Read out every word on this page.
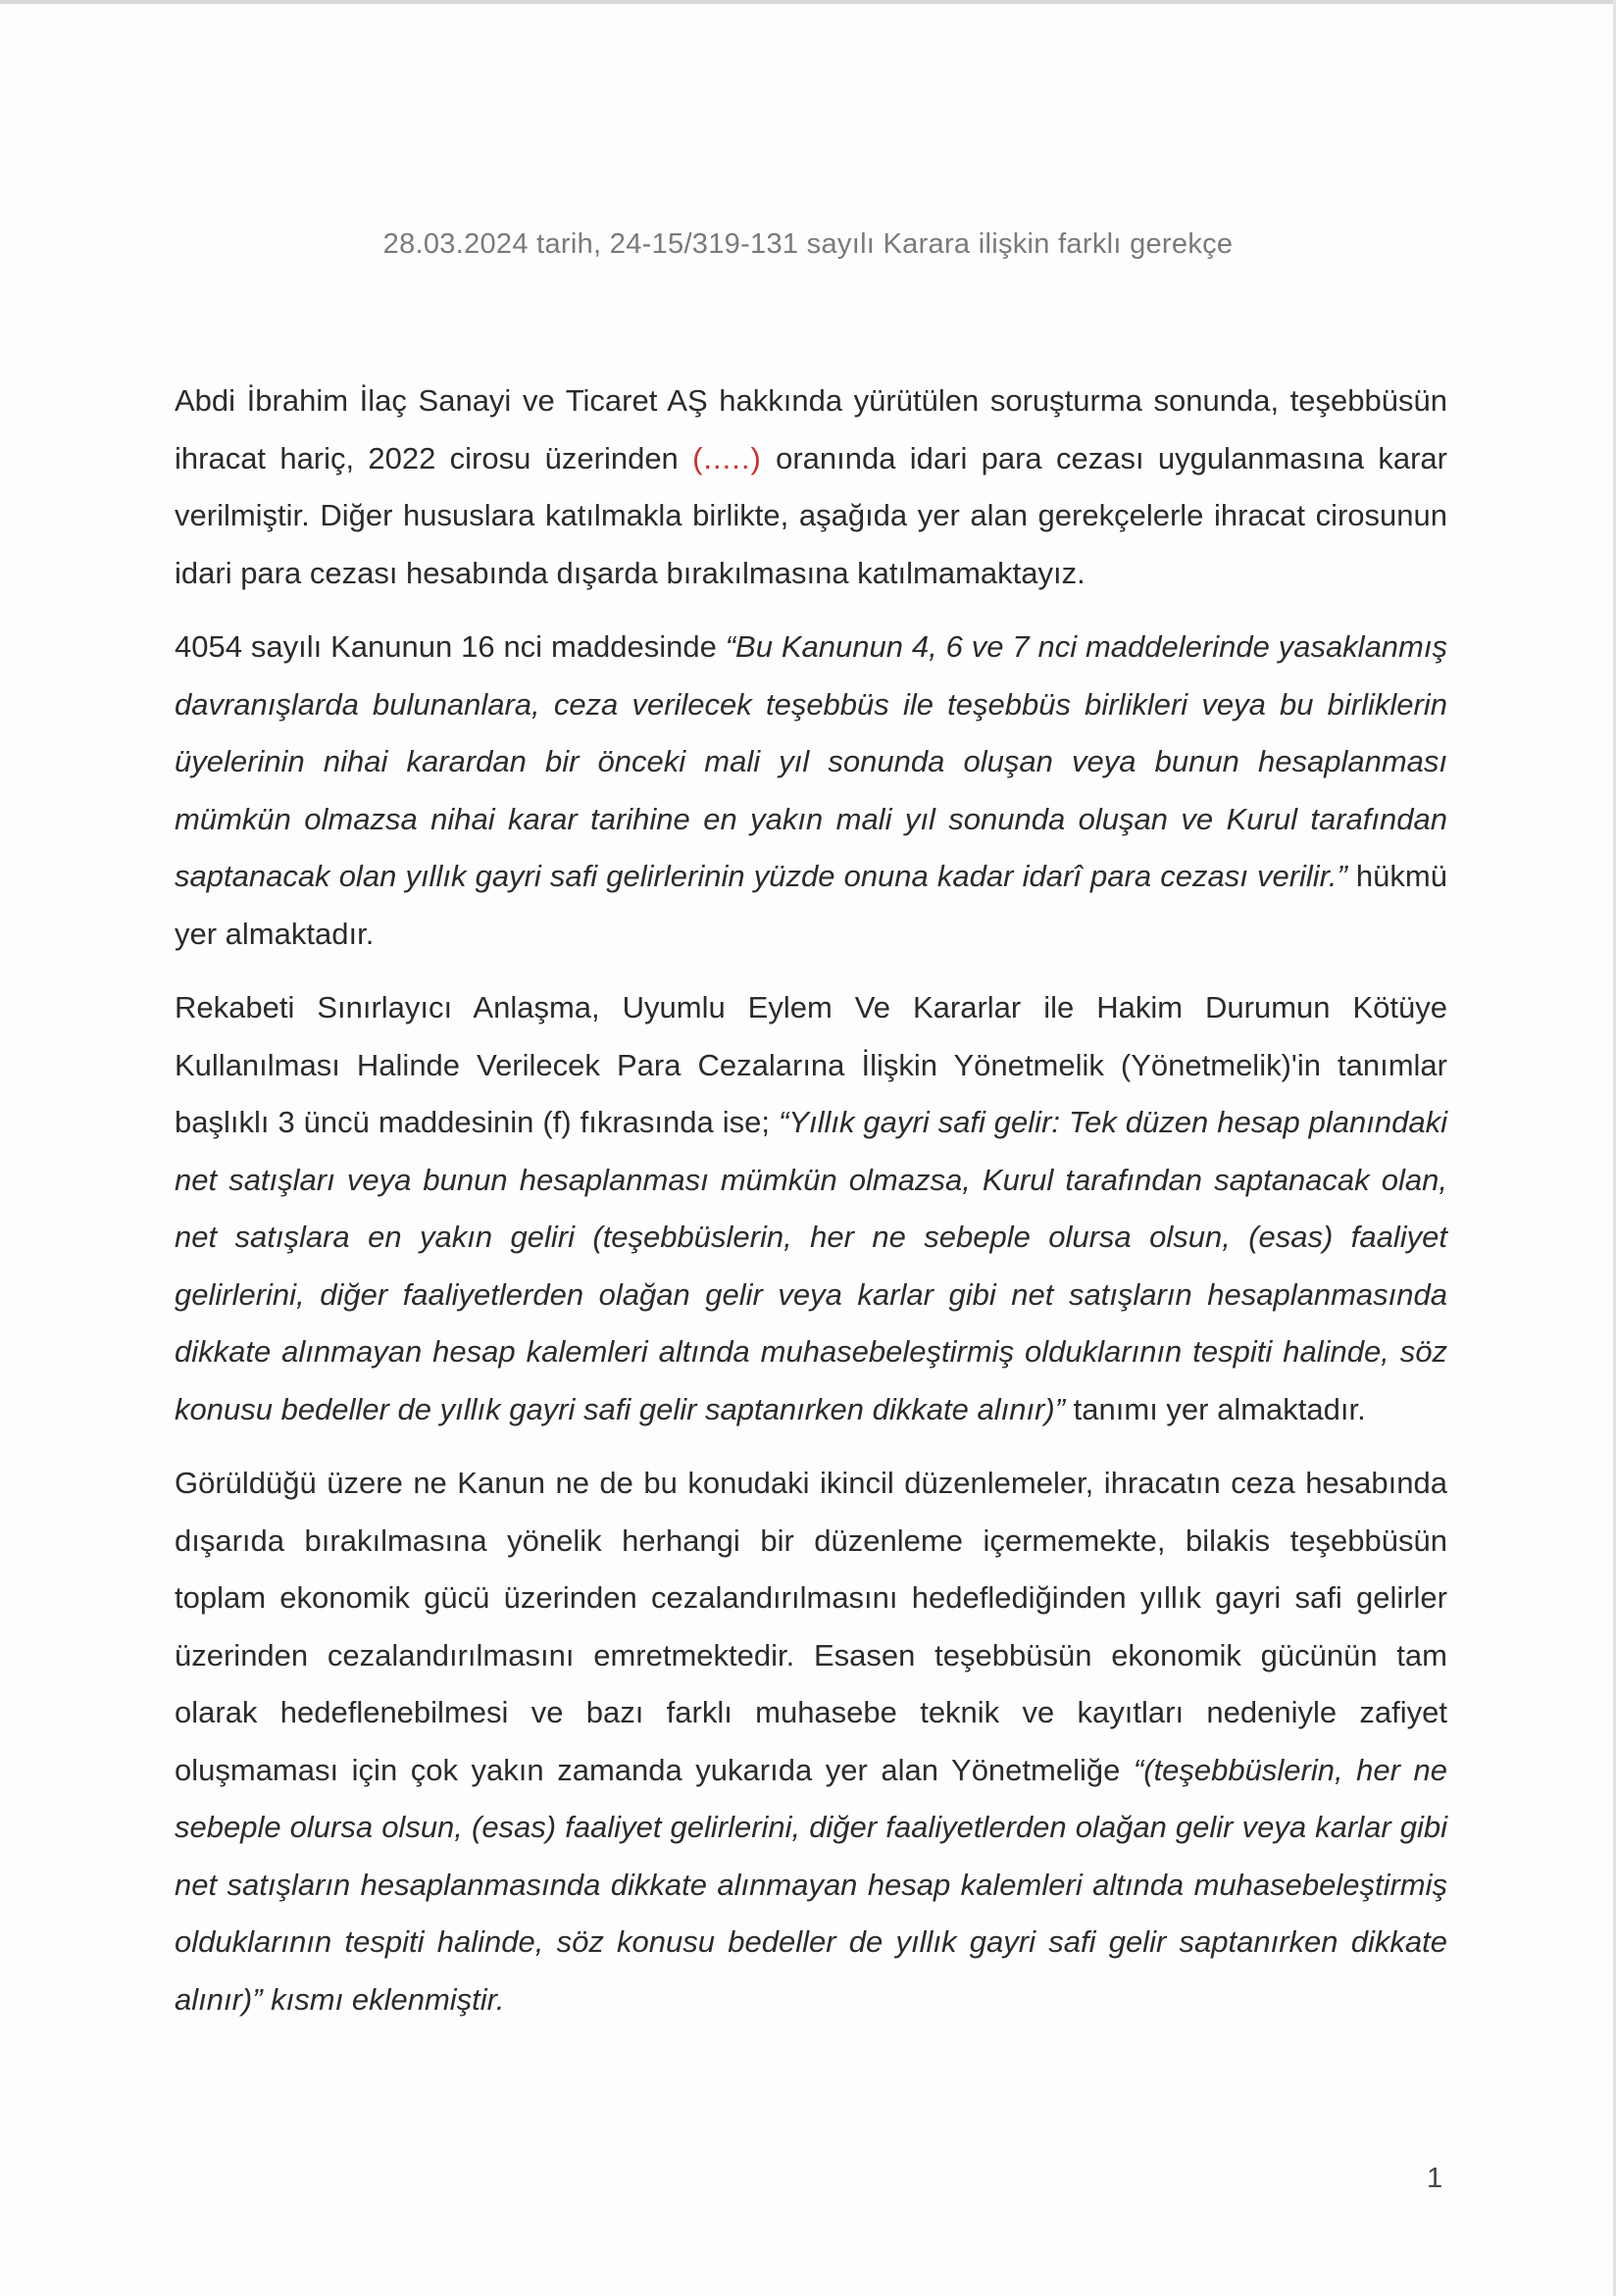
28.03.2024 tarih, 24-15/319-131 sayılı Karara ilişkin farklı gerekçe

Abdi İbrahim İlaç Sanayi ve Ticaret AŞ hakkında yürütülen soruşturma sonunda, teşebbüsün ihracat hariç, 2022 cirosu üzerinden (.....) oranında idari para cezası uygulanmasına karar verilmiştir. Diğer hususlara katılmakla birlikte, aşağıda yer alan gerekçelerle ihracat cirosunun idari para cezası hesabında dışarda bırakılmasına katılmamaktayız.

4054 sayılı Kanunun 16 nci maddesinde “Bu Kanunun 4, 6 ve 7 nci maddelerinde yasaklanmış davranışlarda bulunanlara, ceza verilecek teşebbüs ile teşebbüs birlikleri veya bu birliklerin üyelerinin nihai karardan bir önceki mali yıl sonunda oluşan veya bunun hesaplanması mümkün olmazsa nihai karar tarihine en yakın mali yıl sonunda oluşan ve Kurul tarafından saptanacak olan yıllık gayri safi gelirlerinin yüzde onuna kadar idarî para cezası verilir.” hükmü yer almaktadır.

Rekabeti Sınırlayıcı Anlaşma, Uyumlu Eylem Ve Kararlar ile Hakim Durumun Kötüye Kullanılması Halinde Verilecek Para Cezalarına İlişkin Yönetmelik (Yönetmelik)'in tanımlar başlıklı 3 üncü maddesinin (f) fıkrasında ise; “Yıllık gayri safi gelir: Tek düzen hesap planındaki net satışları veya bunun hesaplanması mümkün olmazsa, Kurul tarafından saptanacak olan, net satışlara en yakın geliri (teşebbüslerin, her ne sebeple olursa olsun, (esas) faaliyet gelirlerini, diğer faaliyetlerden olağan gelir veya karlar gibi net satışların hesaplanmasında dikkate alınmayan hesap kalemleri altında muhasebeleştirmiş olduklarının tespiti halinde, söz konusu bedeller de yıllık gayri safi gelir saptanırken dikkate alınır)” tanımı yer almaktadır.

Görüldüğü üzere ne Kanun ne de bu konudaki ikincil düzenlemeler, ihracatın ceza hesabında dışarıda bırakılmasına yönelik herhangi bir düzenleme içermemekte, bilakis teşebbüsün toplam ekonomik gücü üzerinden cezalandırılmasını hedeflediğinden yıllık gayri safi gelirler üzerinden cezalandırılmasını emretmektedir. Esasen teşebbüsün ekonomik gücünün tam olarak hedeflenebilmesi ve bazı farklı muhasebe teknik ve kayıtları nedeniyle zafiyet oluşmaması için çok yakın zamanda yukarıda yer alan Yönetmeliğe “(teşebbüslerin, her ne sebeple olursa olsun, (esas) faaliyet gelirlerini, diğer faaliyetlerden olağan gelir veya karlar gibi net satışların hesaplanmasında dikkate alınmayan hesap kalemleri altında muhasebeleştirmiş olduklarının tespiti halinde, söz konusu bedeller de yıllık gayri safi gelir saptanırken dikkate alınır)” kısmı eklenmiştir.

1
